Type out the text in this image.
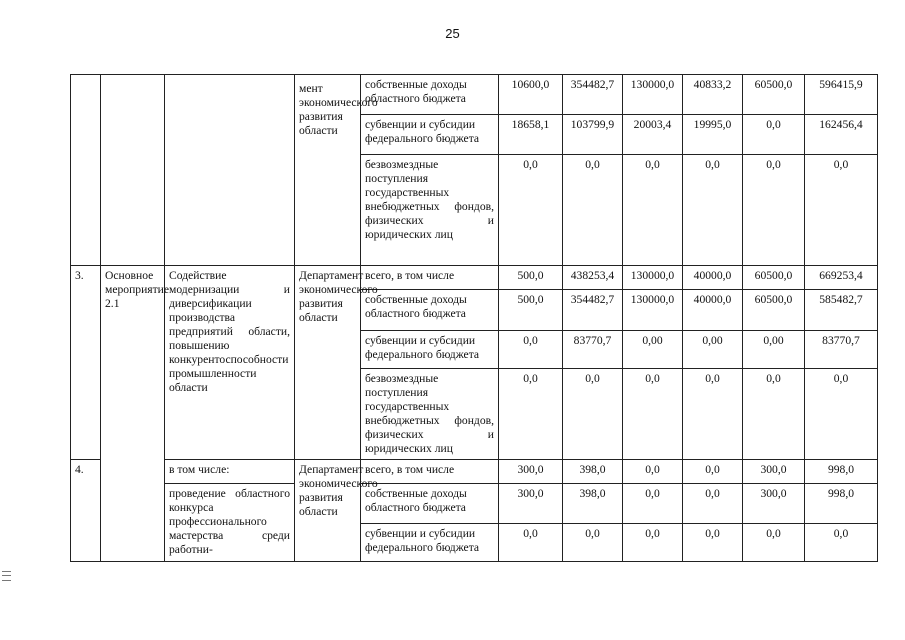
25
			мент экономического развития области	собственные доходы областного бюджета	10600,0	354482,7	130000,0	40833,2	60500,0	596415,9
				субвенции и субсидии федерального бюджета	18658,1	103799,9	20003,4	19995,0	0,0	162456,4
				безвозмездные поступления государственных внебюджетных фондов, физических и юридических лиц	0,0	0,0	0,0	0,0	0,0	0,0
3.	Основное мероприятие 2.1	Содействие модернизации и диверсификации производства предприятий области, повышению конкурентоспособности промышленности области	Департамент экономического развития области	всего, в том числе	500,0	438253,4	130000,0	40000,0	60500,0	669253,4
				собственные доходы областного бюджета	500,0	354482,7	130000,0	40000,0	60500,0	585482,7
				субвенции и субсидии федерального бюджета	0,0	83770,7	0,00	0,00	0,00	83770,7
				безвозмездные поступления государственных внебюджетных фондов, физических и юридических лиц	0,0	0,0	0,0	0,0	0,0	0,0
4.		в том числе:	Департамент экономического развития области	всего, в том числе	300,0	398,0	0,0	0,0	300,0	998,0
		проведение областного конкурса профессионального мастерства среди работни-		собственные доходы областного бюджета	300,0	398,0	0,0	0,0	300,0	998,0
				субвенции и субсидии федерального бюджета	0,0	0,0	0,0	0,0	0,0	0,0
